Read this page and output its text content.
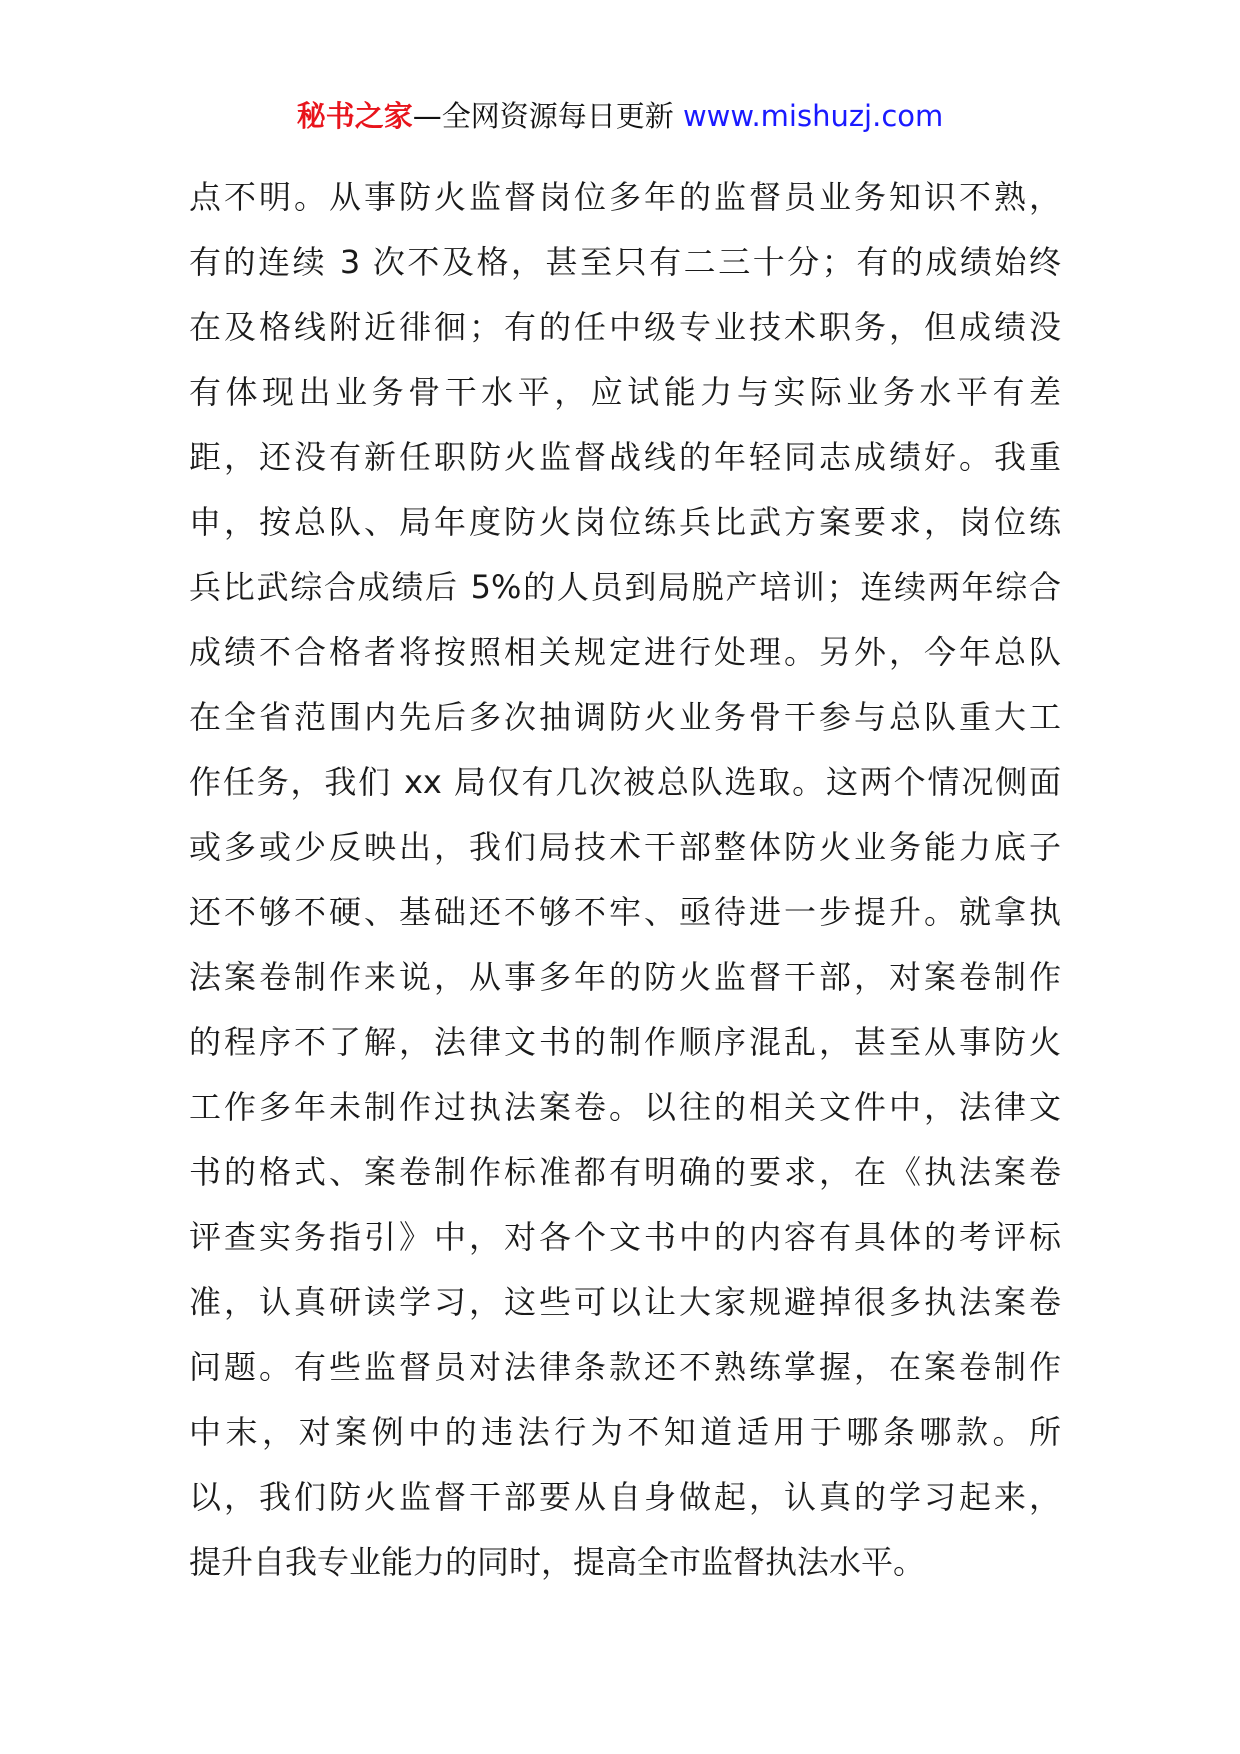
秘书之家—全网资源每日更新 www.mishuzj.com
点不明。从事防火监督岗位多年的监督员业务知识不熟，
有的连续 3 次不及格，甚至只有二三十分；有的成绩始终
在及格线附近徘徊；有的任中级专业技术职务，但成绩没
有体现出业务骨干水平，应试能力与实际业务水平有差
距，还没有新任职防火监督战线的年轻同志成绩好。我重
申，按总队、局年度防火岗位练兵比武方案要求，岗位练
兵比武综合成绩后 5%的人员到局脱产培训；连续两年综合
成绩不合格者将按照相关规定进行处理。另外，今年总队
在全省范围内先后多次抽调防火业务骨干参与总队重大工
作任务，我们 xx 局仅有几次被总队选取。这两个情况侧面
或多或少反映出，我们局技术干部整体防火业务能力底子
还不够不硬、基础还不够不牢、亟待进一步提升。就拿执
法案卷制作来说，从事多年的防火监督干部，对案卷制作
的程序不了解，法律文书的制作顺序混乱，甚至从事防火
工作多年未制作过执法案卷。以往的相关文件中，法律文
书的格式、案卷制作标准都有明确的要求，在《执法案卷
评查实务指引》中，对各个文书中的内容有具体的考评标
准，认真研读学习，这些可以让大家规避掉很多执法案卷
问题。有些监督员对法律条款还不熟练掌握，在案卷制作
中末，对案例中的违法行为不知道适用于哪条哪款。所
以，我们防火监督干部要从自身做起，认真的学习起来，
提升自我专业能力的同时，提高全市监督执法水平。
